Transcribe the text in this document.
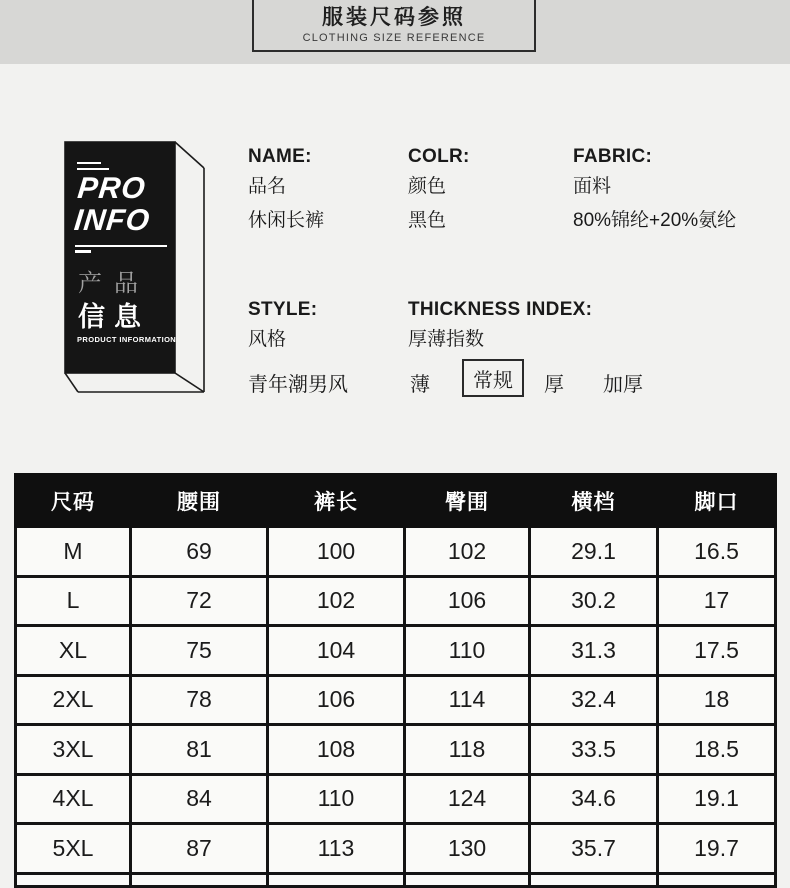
服装尺码参照
CLOTHING SIZE REFERENCE
PRO
INFO
产品
信息
PRODUCT INFORMATION
NAME:
品名
休闲长裤
COLR:
颜色
黑色
FABRIC:
面料
80%锦纶+20%氨纶
STYLE:
风格
THICKNESS INDEX:
厚薄指数
青年潮男风	薄	常规	厚 加厚
尺码	腰围	裤长	臀围	横档	脚口
M	69	100	102	29.1	16.5
L	72	102	106	30.2	17
XL	75	104	110	31.3	17.5
2XL	78	106	114	32.4	18
3XL	81	108	118	33.5	18.5
4XL	84	110	124	34.6	19.1
5XL	87	113	130	35.7	19.7
